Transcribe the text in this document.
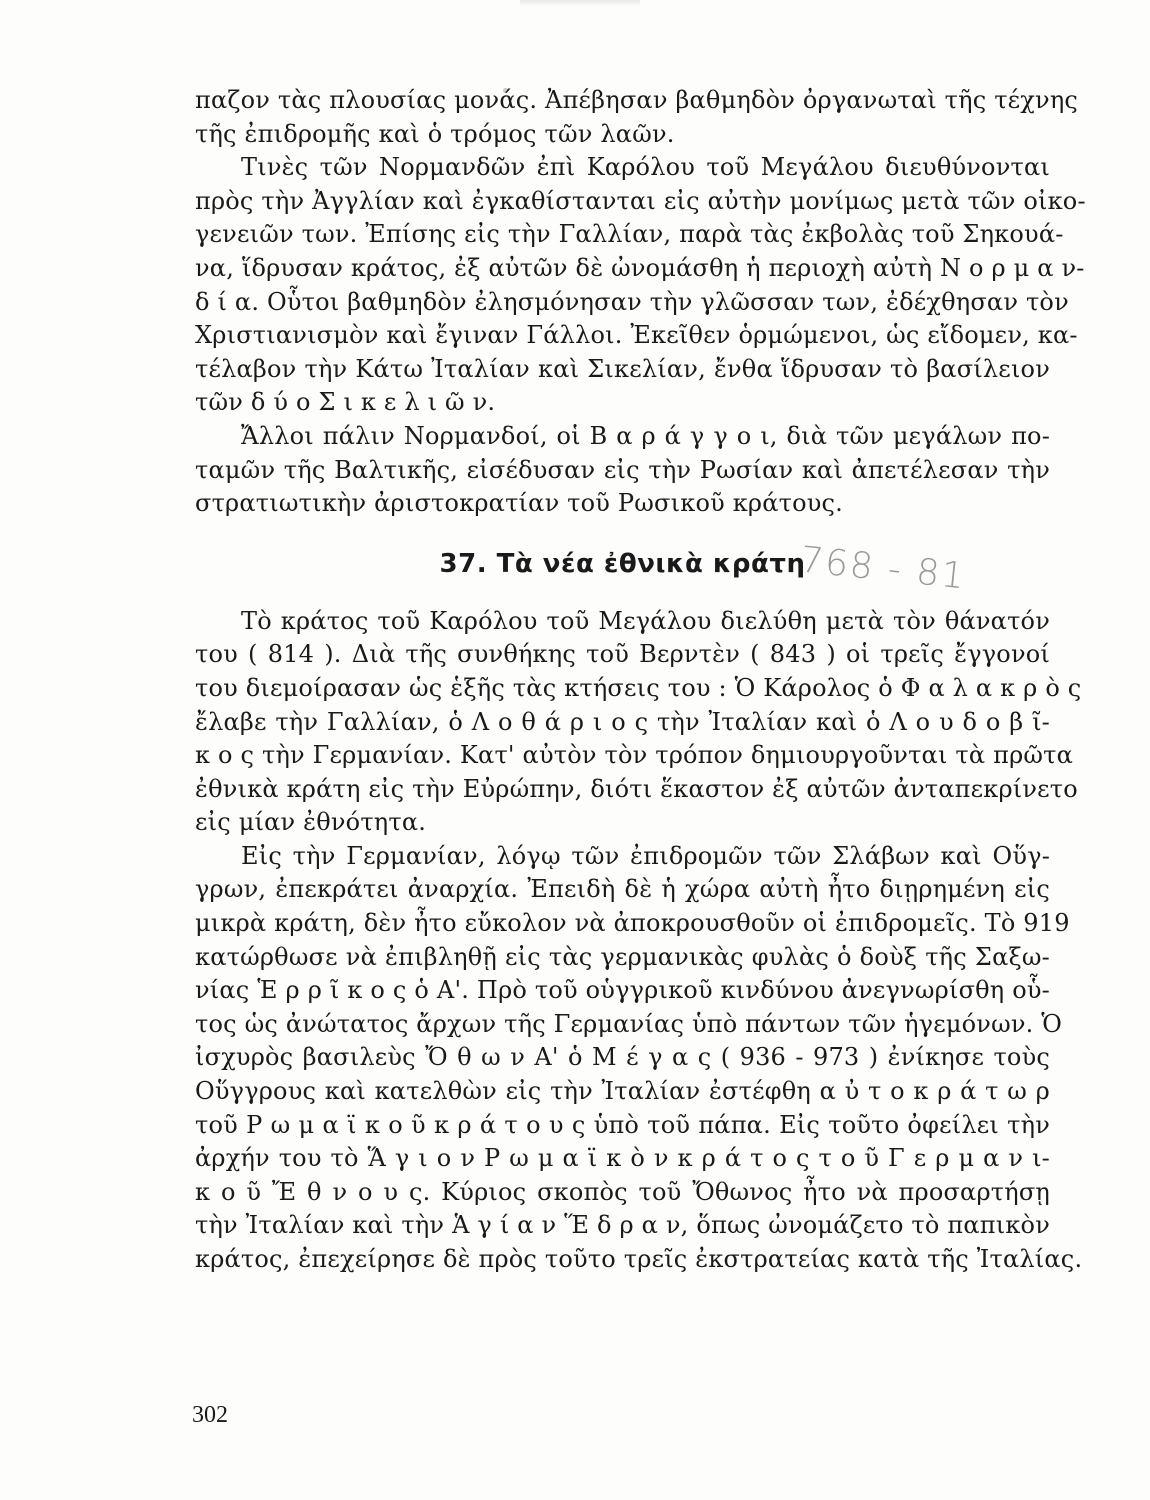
παζον τὰς πλουσίας μονάς. Ἀπέβησαν βαθμηδὸν ὀργανωταὶ τῆς τέχνης
τῆς ἐπιδρομῆς καὶ ὁ τρόμος τῶν λαῶν.
Τινὲς τῶν Νορμανδῶν ἐπὶ Καρόλου τοῦ Μεγάλου διευθύνονται
πρὸς τὴν Ἀγγλίαν καὶ ἐγκαθίστανται εἰς αὐτὴν μονίμως μετὰ τῶν οἰκο-
γενειῶν των. Ἐπίσης εἰς τὴν Γαλλίαν, παρὰ τὰς ἐκβολὰς τοῦ Σηκουά-
να, ἵδρυσαν κράτος, ἐξ αὐτῶν δὲ ὠνομάσθη ἡ περιοχὴ αὐτὴ Ν ο ρ μ α ν-
δ ί α. Οὗτοι βαθμηδὸν ἐλησμόνησαν τὴν γλῶσσαν των, ἐδέχθησαν τὸν
Χριστιανισμὸν καὶ ἔγιναν Γάλλοι. Ἐκεῖθεν ὁρμώμενοι, ὡς εἴδομεν, κα-
τέλαβον τὴν Κάτω Ἰταλίαν καὶ Σικελίαν, ἔνθα ἵδρυσαν τὸ βασίλειον
τῶν δ ύ ο Σ ι κ ε λ ι ῶ ν.
Ἄλλοι πάλιν Νορμανδοί, οἱ Β α ρ ά γ γ ο ι, διὰ τῶν μεγάλων πο-
ταμῶν τῆς Βαλτικῆς, εἰσέδυσαν εἰς τὴν Ρωσίαν καὶ ἀπετέλεσαν τὴν
στρατιωτικὴν ἀριστοκρατίαν τοῦ Ρωσικοῦ κράτους.
37. Τὰ νέα ἐθνικὰ κράτη
Τὸ κράτος τοῦ Καρόλου τοῦ Μεγάλου διελύθη μετὰ τὸν θάνατόν
του ( 814 ). Διὰ τῆς συνθήκης τοῦ Βερντὲν ( 843 ) οἱ τρεῖς ἔγγονοί
του διεμοίρασαν ὡς ἑξῆς τὰς κτήσεις του : Ὁ Κάρολος ὁ Φ α λ α κ ρ ὸ ς
ἔλαβε τὴν Γαλλίαν, ὁ Λ ο θ ά ρ ι ο ς τὴν Ἰταλίαν καὶ ὁ Λ ο υ δ ο β ῖ-
κ ο ς τὴν Γερμανίαν. Κατ' αὐτὸν τὸν τρόπον δημιουργοῦνται τὰ πρῶτα
ἐθνικὰ κράτη εἰς τὴν Εὐρώπην, διότι ἕκαστον ἐξ αὐτῶν ἀνταπεκρίνετο
εἰς μίαν ἐθνότητα.
Εἰς τὴν Γερμανίαν, λόγῳ τῶν ἐπιδρομῶν τῶν Σλάβων καὶ Οὕγ-
γρων, ἐπεκράτει ἀναρχία. Ἐπειδὴ δὲ ἡ χώρα αὐτὴ ἦτο διῃρημένη εἰς
μικρὰ κράτη, δὲν ἦτο εὔκολον νὰ ἀποκρουσθοῦν οἱ ἐπιδρομεῖς. Τὸ 919
κατώρθωσε νὰ ἐπιβληθῇ εἰς τὰς γερμανικὰς φυλὰς ὁ δοὺξ τῆς Σαξω-
νίας Ἑ ρ ρ ῖ κ ο ς ὁ Α'. Πρὸ τοῦ οὑγγρικοῦ κινδύνου ἀνεγνωρίσθη οὗ-
τος ὡς ἀνώτατος ἄρχων τῆς Γερμανίας ὑπὸ πάντων τῶν ἡγεμόνων. Ὁ
ἰσχυρὸς βασιλεὺς Ὄ θ ω ν Α' ὁ Μ έ γ α ς ( 936 - 973 ) ἐνίκησε τοὺς
Οὕγγρους καὶ κατελθὼν εἰς τὴν Ἰταλίαν ἐστέφθη α ὐ τ ο κ ρ ά τ ω ρ
τοῦ Ρ ω μ α ϊ κ ο ῦ κ ρ ά τ ο υ ς ὑπὸ τοῦ πάπα. Εἰς τοῦτο ὀφείλει τὴν
ἀρχήν του τὸ Ἅ γ ι ο ν Ρ ω μ α ϊ κ ὸ ν κ ρ ά τ ο ς τ ο ῦ Γ ε ρ μ α ν ι-
κ ο ῦ Ἔ θ ν ο υ ς. Κύριος σκοπὸς τοῦ Ὄθωνος ἦτο νὰ προσαρτήσῃ
τὴν Ἰταλίαν καὶ τὴν Ἁ γ ί α ν Ἕ δ ρ α ν, ὅπως ὠνομάζετο τὸ παπικὸν
κράτος, ἐπεχείρησε δὲ πρὸς τοῦτο τρεῖς ἐκστρατείας κατὰ τῆς Ἰταλίας.
768 - 81
302
